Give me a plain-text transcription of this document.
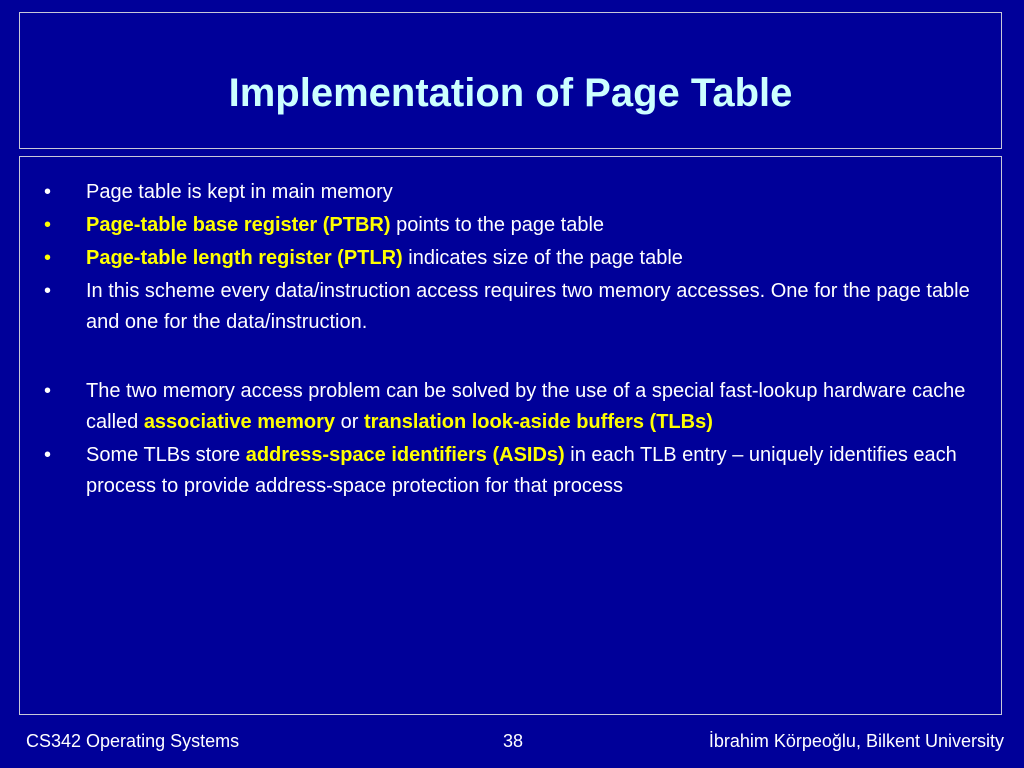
Implementation of Page Table
• Page table is kept in main memory
• Page-table base register (PTBR) points to the page table
• Page-table length register (PTLR) indicates size of the page table
• In this scheme every data/instruction access requires two memory accesses. One for the page table and one for the data/instruction.
• The two memory access problem can be solved by the use of a special fast-lookup hardware cache called associative memory or translation look-aside buffers (TLBs)
• Some TLBs store address-space identifiers (ASIDs) in each TLB entry – uniquely identifies each process to provide address-space protection for that process
CS342 Operating Systems	38	İbrahim Körpeoğlu, Bilkent University
